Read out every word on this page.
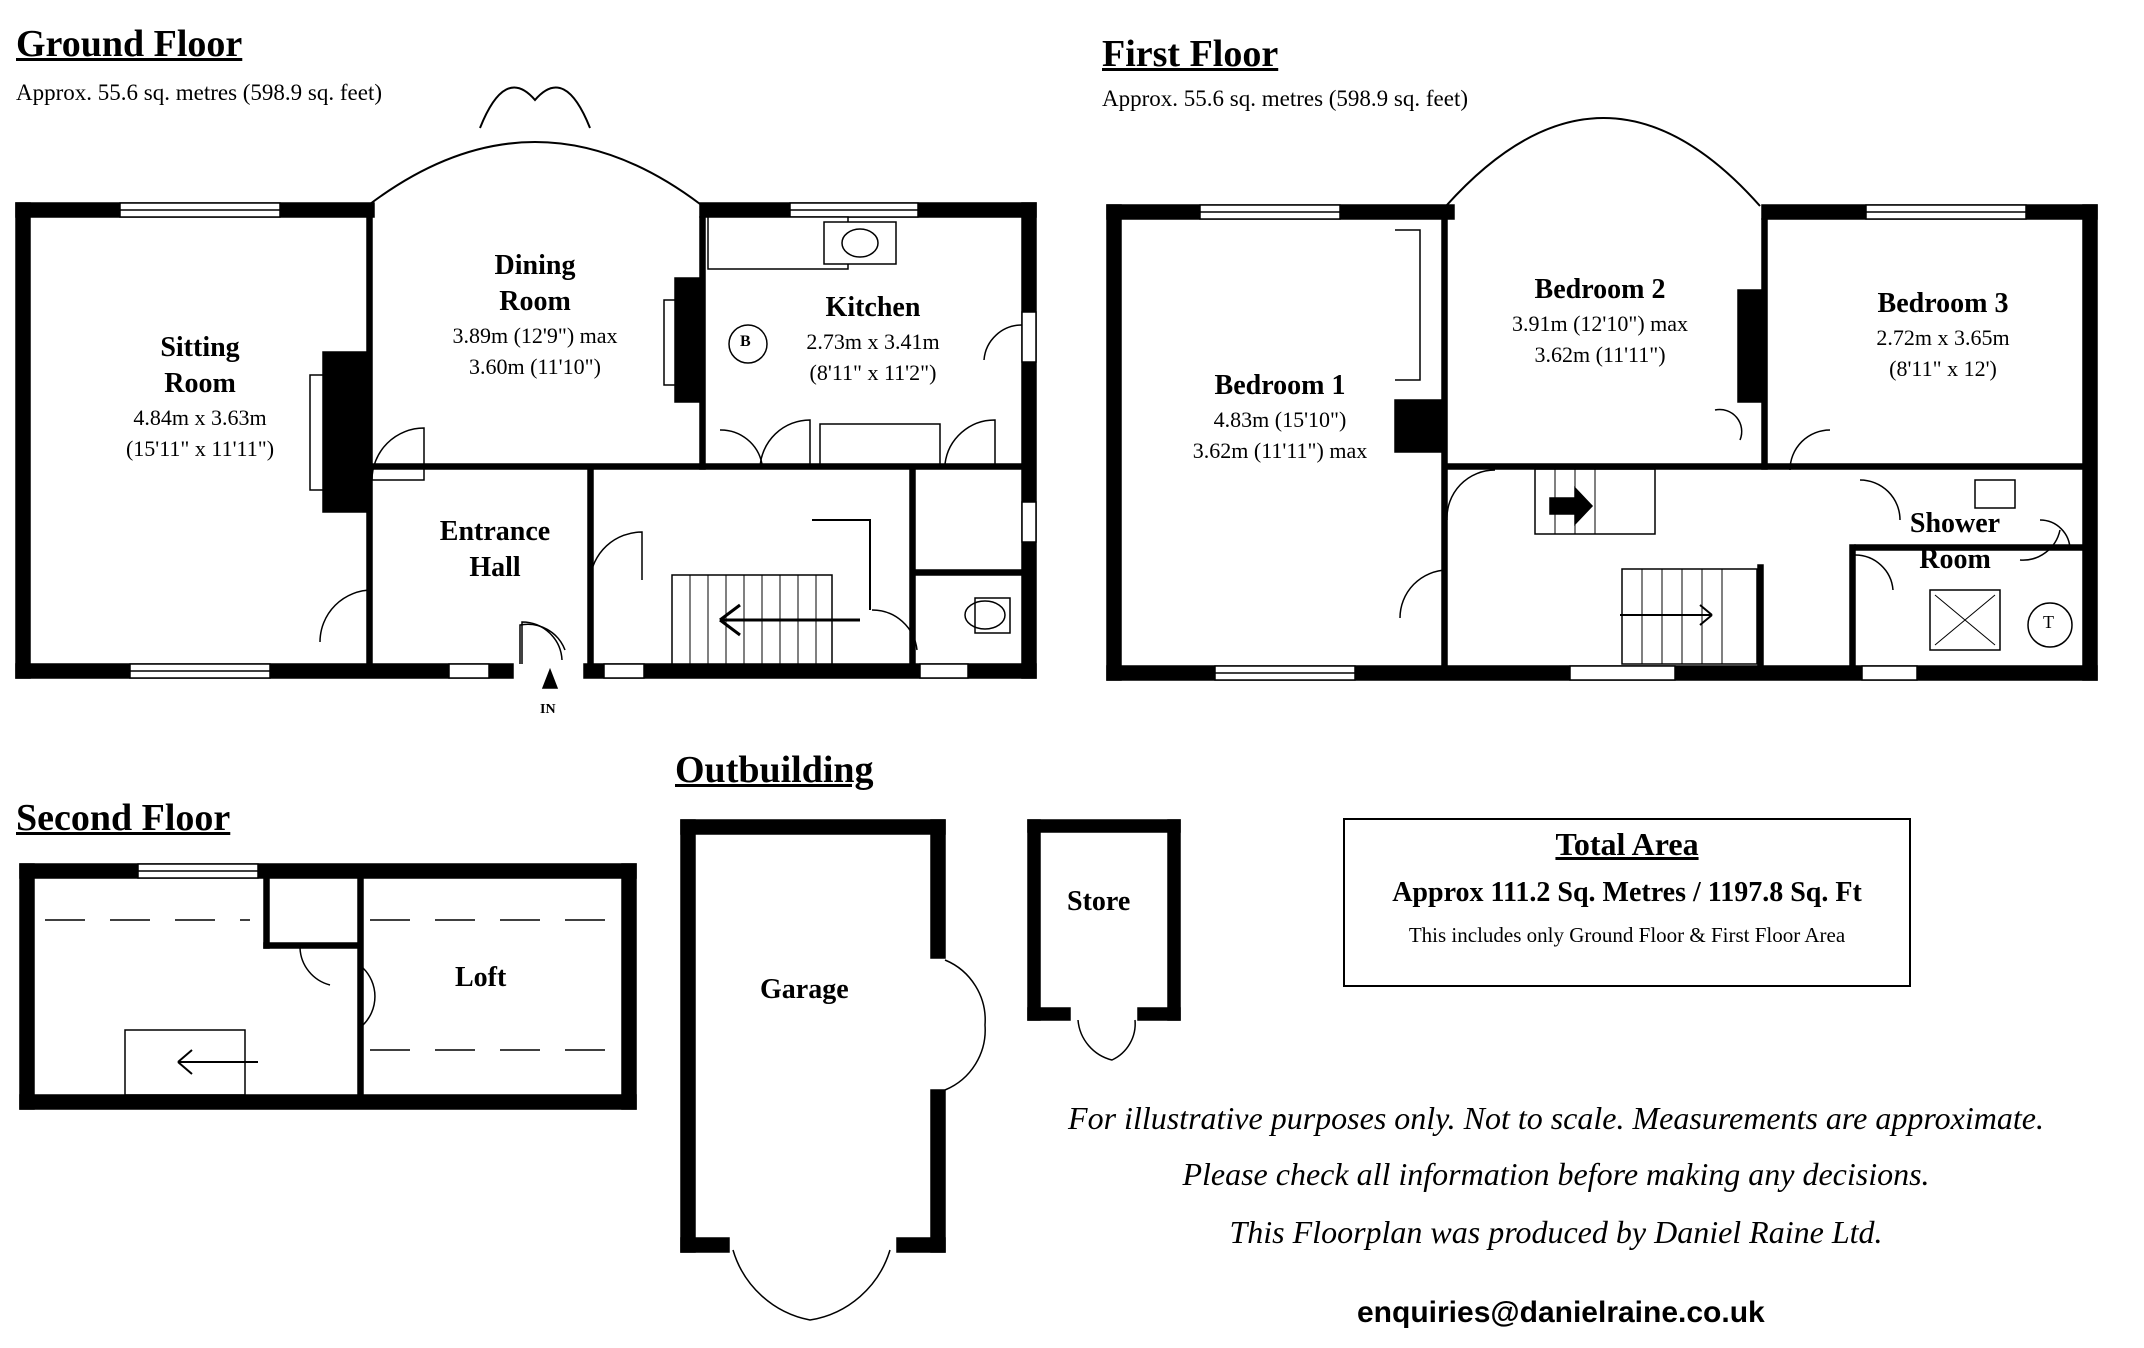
Ground Floor
Approx. 55.6 sq. metres (598.9 sq. feet)
First Floor
Approx. 55.6 sq. metres (598.9 sq. feet)
Second Floor
Outbuilding
Sitting
Room
4.84m x 3.63m
(15'11" x 11'11")
Dining
Room
3.89m (12'9") max
3.60m (11'10")
Kitchen
2.73m x 3.41m
(8'11" x 11'2")
B
Entrance
Hall
IN
Bedroom 1
4.83m (15'10")
3.62m (11'11") max
Bedroom 2
3.91m (12'10") max
3.62m (11'11")
Bedroom 3
2.72m x 3.65m
(8'11" x 12')
Shower
Room
T
Loft	Garage
Store
Total Area
Approx 111.2 Sq. Metres / 1197.8 Sq. Ft
This includes only Ground Floor & First Floor Area
For illustrative purposes only. Not to scale. Measurements are approximate.
Please check all information before making any decisions.
This Floorplan was produced by Daniel Raine Ltd.
enquiries@danielraine.co.uk
